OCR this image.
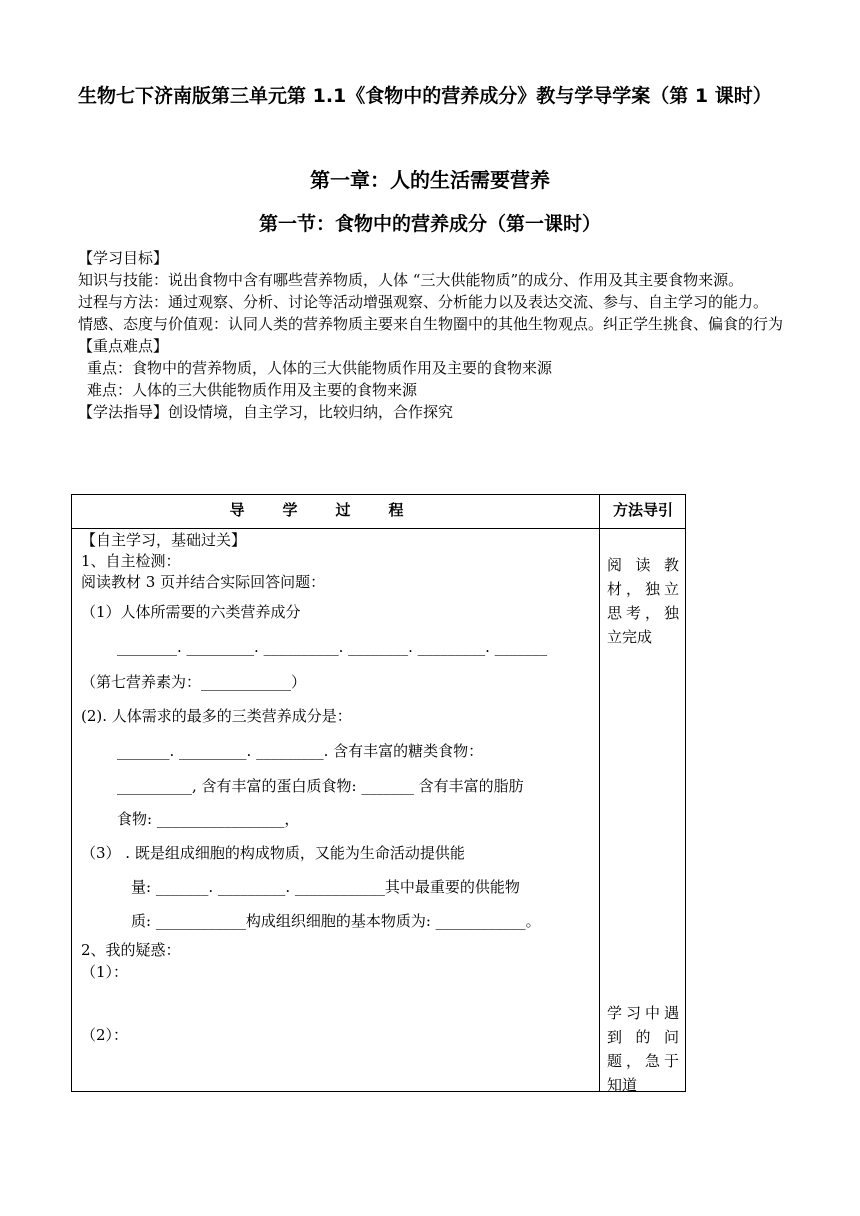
生物七下济南版第三单元第 1.1《食物中的营养成分》教与学导学案（第 1 课时）
第一章：人的生活需要营养
第一节：食物中的营养成分（第一课时）

【学习目标】

知识与技能：说出食物中含有哪些营养物质，人体 “三大供能物质”的成分、作用及其主要食物来源。

过程与方法：通过观察、分析、讨论等活动增强观察、分析能力以及表达交流、参与、自主学习的能力。

情感、态度与价值观：认同人类的营养物质主要来自生物圈中的其他生物观点。纠正学生挑食、偏食的行为

【重点难点】

重点：食物中的营养物质，人体的三大供能物质作用及主要的食物来源

难点：人体的三大供能物质作用及主要的食物来源

【学法指导】创设情境，自主学习，比较归纳，合作探究

导学过程	方法导引
【自主学习，基础过关】
1、自主检测：
阅读教材 3 页并结合实际回答问题：
（1）人体所需要的六类营养成分
________. _________. __________. ________. _________. _______
（第七营养素为：____________）
(2). 人体需求的最多的三类营养成分是：
_______. _________. _________. 含有丰富的糖类食物：
__________, 含有丰富的蛋白质食物: _______ 含有丰富的脂肪
食物: _________________，
（3） . 既是组成细胞的构成物质，又能为生命活动提供能
量: _______. _________. ____________其中最重要的供能物
质: ____________构成组织细胞的基本物质为: ____________。
2、我的疑惑：
（1）：
（2）：
阅 读 教
材，独立
思考，独
立完成
学习中遇
到 的 问
题，急于
知道
